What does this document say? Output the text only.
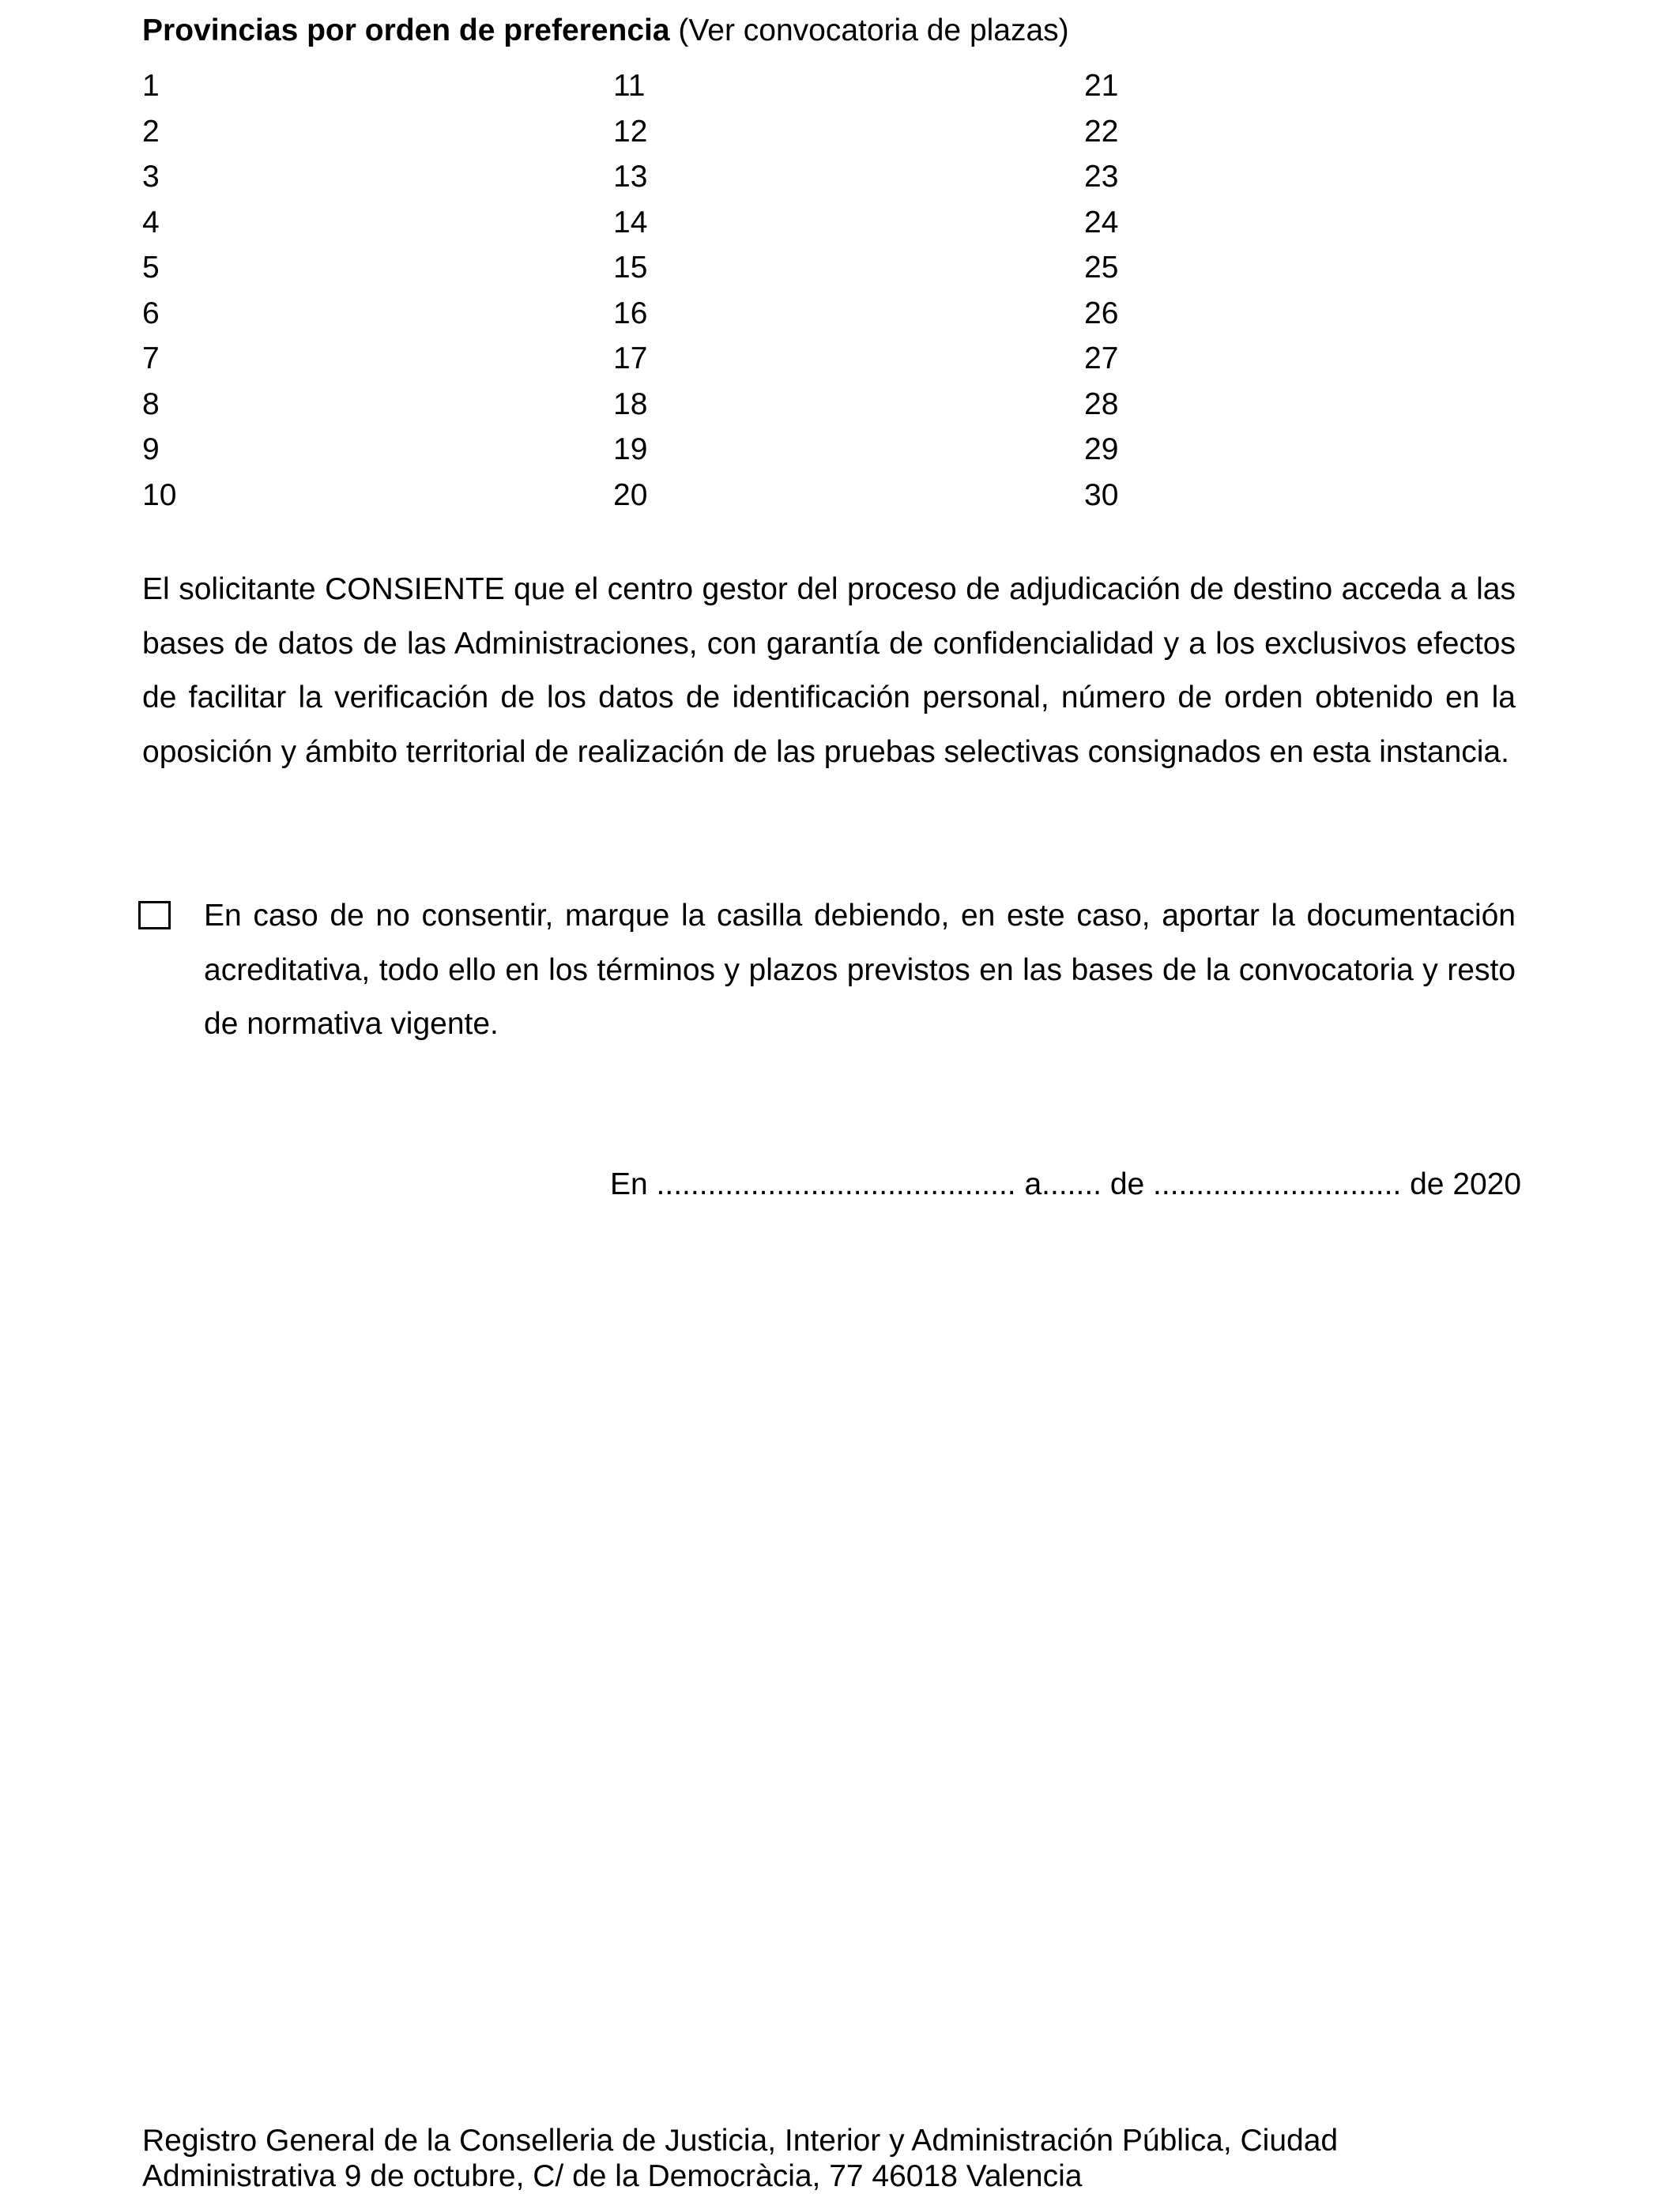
Provincias por orden de preferencia (Ver convocatoria de plazas)
1
2
3
4
5
6
7
8
9
10
11
12
13
14
15
16
17
18
19
20
21
22
23
24
25
26
27
28
29
30
El solicitante CONSIENTE que el centro gestor del proceso de adjudicación de destino acceda a las bases de datos de las Administraciones, con garantía de confidencialidad y a los exclusivos efectos de facilitar la verificación de los datos de identificación personal, número de orden obtenido en la oposición y ámbito territorial de realización de las pruebas selectivas consignados en esta instancia.
En caso de no consentir, marque la casilla debiendo, en este caso, aportar la documentación acreditativa, todo ello en los términos y plazos previstos en las bases de la convocatoria y resto de normativa vigente.
En .......................................... a....... de ............................. de 2020
Registro General de la Conselleria de Justicia, Interior y Administración Pública, Ciudad
Administrativa 9 de octubre, C/ de la Democràcia, 77 46018 Valencia
